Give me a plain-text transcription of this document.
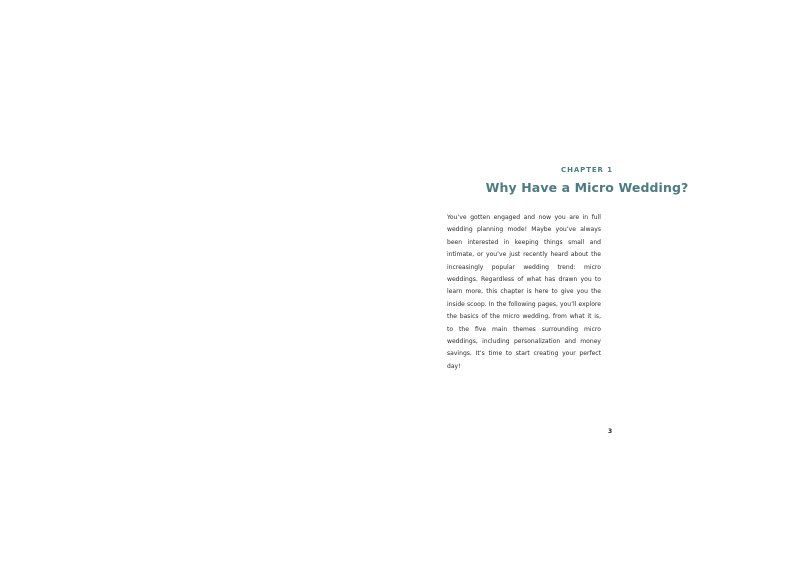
CHAPTER 1
Why Have a Micro Wedding?

You’ve gotten engaged and now you are in full wedding planning mode! Maybe you’ve always been interested in keeping things small and intimate, or you’ve just recently heard about the increasingly popular wedding trend: micro weddings. Regardless of what has drawn you to learn more, this chapter is here to give you the inside scoop. In the following pages, you’ll explore the basics of the micro wedding, from what it is, to the five main themes surrounding micro weddings, including personalization and money savings. It’s time to start creating your perfect day!

3
